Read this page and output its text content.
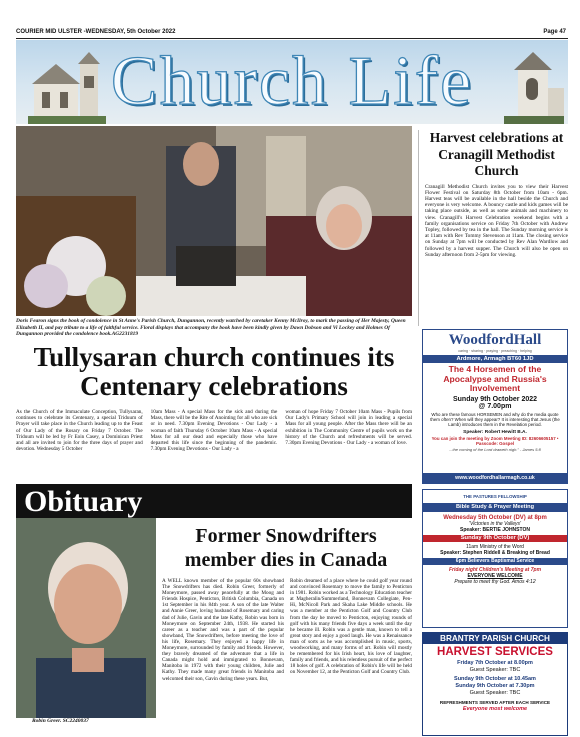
COURIER MID ULSTER -WEDNESDAY, 5th October 2022	Page 47
Church Life
Doris Fearon signs the book of condolence in St Anne's Parish Church, Dungannon, recently watched by caretaker Kenny McIlroy, to mark the passing of Her Majesty, Queen Elizabeth II, and pay tribute to a life of faithful service. Floral displays that accompany the book have been kindly given by Dawn Dobson and Vi Lockey and Holmes Of Dungannon provided the condolence book.AG2231819
Tullysaran church continues its Centenary celebrations

As the Church of the Immaculate Conception, Tullysaran, continues to celebrate its Centenary, a special Triduum of Prayer will take place in the Church leading up to the Feast of Our Lady of the Rosary on Friday 7 October. The Triduum will be led by Fr Eoin Casey, a Dominican Priest and all are invited to join for the three days of prayer and devotion. Wednesday 5 October

10am Mass - A special Mass for the sick and during the Mass, there will be the Rite of Anointing for all who are sick or in need. 7.30pm Evening Devotions - Our Lady - a woman of faith Thursday 6 October 10am Mass - A special Mass for all our dead and especially those who have departed this life since the beginning of the pandemic. 7.30pm Evening Devotions - Our Lady - a

woman of hope Friday 7 October 10am Mass - Pupils from Our Lady's Primary School will join in leading a special Mass for all young people. After the Mass there will be an exhibition in The Community Centre of pupils work on the history of the Church and refreshments will be served. 7.30pm Evening Devotions - Our Lady - a woman of love.

Obituary
Robin Greer. SC2240037
Former Snowdrifters member dies in Canada

A WELL known member of the popular 60s showband The Snowdrifters has died. Robin Greer, formerly of Moneymore, passed away peacefully at the Moog and Friends Hospice, Penticton, British Columbia, Canada on 1st September in his 84th year. A son of the late Walter and Annie Greer, loving husband of Rosemary and caring dad of Julie, Gavin and the late Kathy, Robin was born in Moneymore on September 24th, 1938. He started his career as a teacher and was a part of the popular showband, The Snowdrifters, before meeting the love of his life, Rosemary. They enjoyed a happy life in Moneymore, surrounded by family and friends. However, they bravely dreamed of the adventure that a life in Canada might hold and immigrated to Bonnevam, Manitoba in 1972 with their young children, Julie and Kathy. They made many great friends in Manitoba and welcomed their son, Gavin during these years. But,

Robin dreamed of a place where he could golf year round and convinced Rosemary to move the family to Penticton in 1981. Robin worked as a Technology Education teacher at Magheralin/Summerland, Bonnevam Collegiate, Pen-Hi, McNicoll Park and Skaha Lake Middle schools. He was a member at the Penticton Golf and Country Club from the day he moved to Penticton, enjoying rounds of golf with his many friends five days a week until the day he became ill. Robin was a gentle man, known to tell a great story and enjoy a good laugh. He was a Renaissance man of sorts as he was accomplished in music, sports, woodworking, and many forms of art. Robin will mostly be remembered for his Irish heart, his love of laughter, family and friends, and his relentless pursuit of the perfect 18 holes of golf. A celebration of Robin's life will be held on November 12, at the Penticton Golf and Country Club.

Harvest celebrations at Cranagill Methodist Church
Cranagill Methodist Church invites you to view their Harvest Flower Festival on Saturday 8th October from 10am - 6pm. Harvest teas will be available in the hall beside the Church and everyone is very welcome. A bouncy castle and kids games will be taking place outside, as well as some animals and machinery to view. Cranagill's Harvest Celebration weekend begins with a family organisations service on Friday 7th October with Andrew Topley, followed by tea in the hall. The Sunday morning service is at 11am with Rev Tommy Stevenson at 11am. The closing service on Sunday at 7pm will be conducted by Rev Alan Wardlow and followed by a harvest supper. The Church will also be open on Sunday afternoon from 2-5pm for viewing.
WoodfordHall
caring · sharing · praying · preaching · helping
Ardmore, Armagh BT60 1JD
The 4 Horsemen of the Apocalypse and Russia's Involvement
Sunday 9th October 2022
@ 7.00pm
Who are these famous HORSEMEN and why do the media quote them often? When will they appear? It is interesting that Jesus (the Lamb) introduces them in the Revelation period.
Speaker: Robert Hewitt B.A.
You can join the meeting by Zoom Meeting ID: 82606605157 • Passcode: Gospel
...the coming of the Lord draweth nigh." - James 5:8
www.woodfordhallarmagh.co.uk
THE PASTURES FELLOWSHIP
Bible Study & Prayer Meeting
Wednesday 5th October (DV) at 8pm
'Victories in the Valleys'
Speaker: BERTIE JOHNSTON
Sunday 9th October (DV)
11am Ministry of the Word
Speaker: Stephen Riddell & Breaking of Bread
6pm Believers Baptismal Service
Friday night Children's Meeting at 7pm
EVERYONE WELCOME
Prepare to meet thy God. Amos 4:12
BRANTRY PARISH CHURCH
HARVEST SERVICES
Friday 7th October at 8.00pm
Guest Speaker: TBC
Sunday 9th October at 10.45am
Sunday 9th October at 7.30pm
Guest Speaker: TBC
REFRESHMENTS SERVED AFTER EACH SERVICE
Everyone most welcome
